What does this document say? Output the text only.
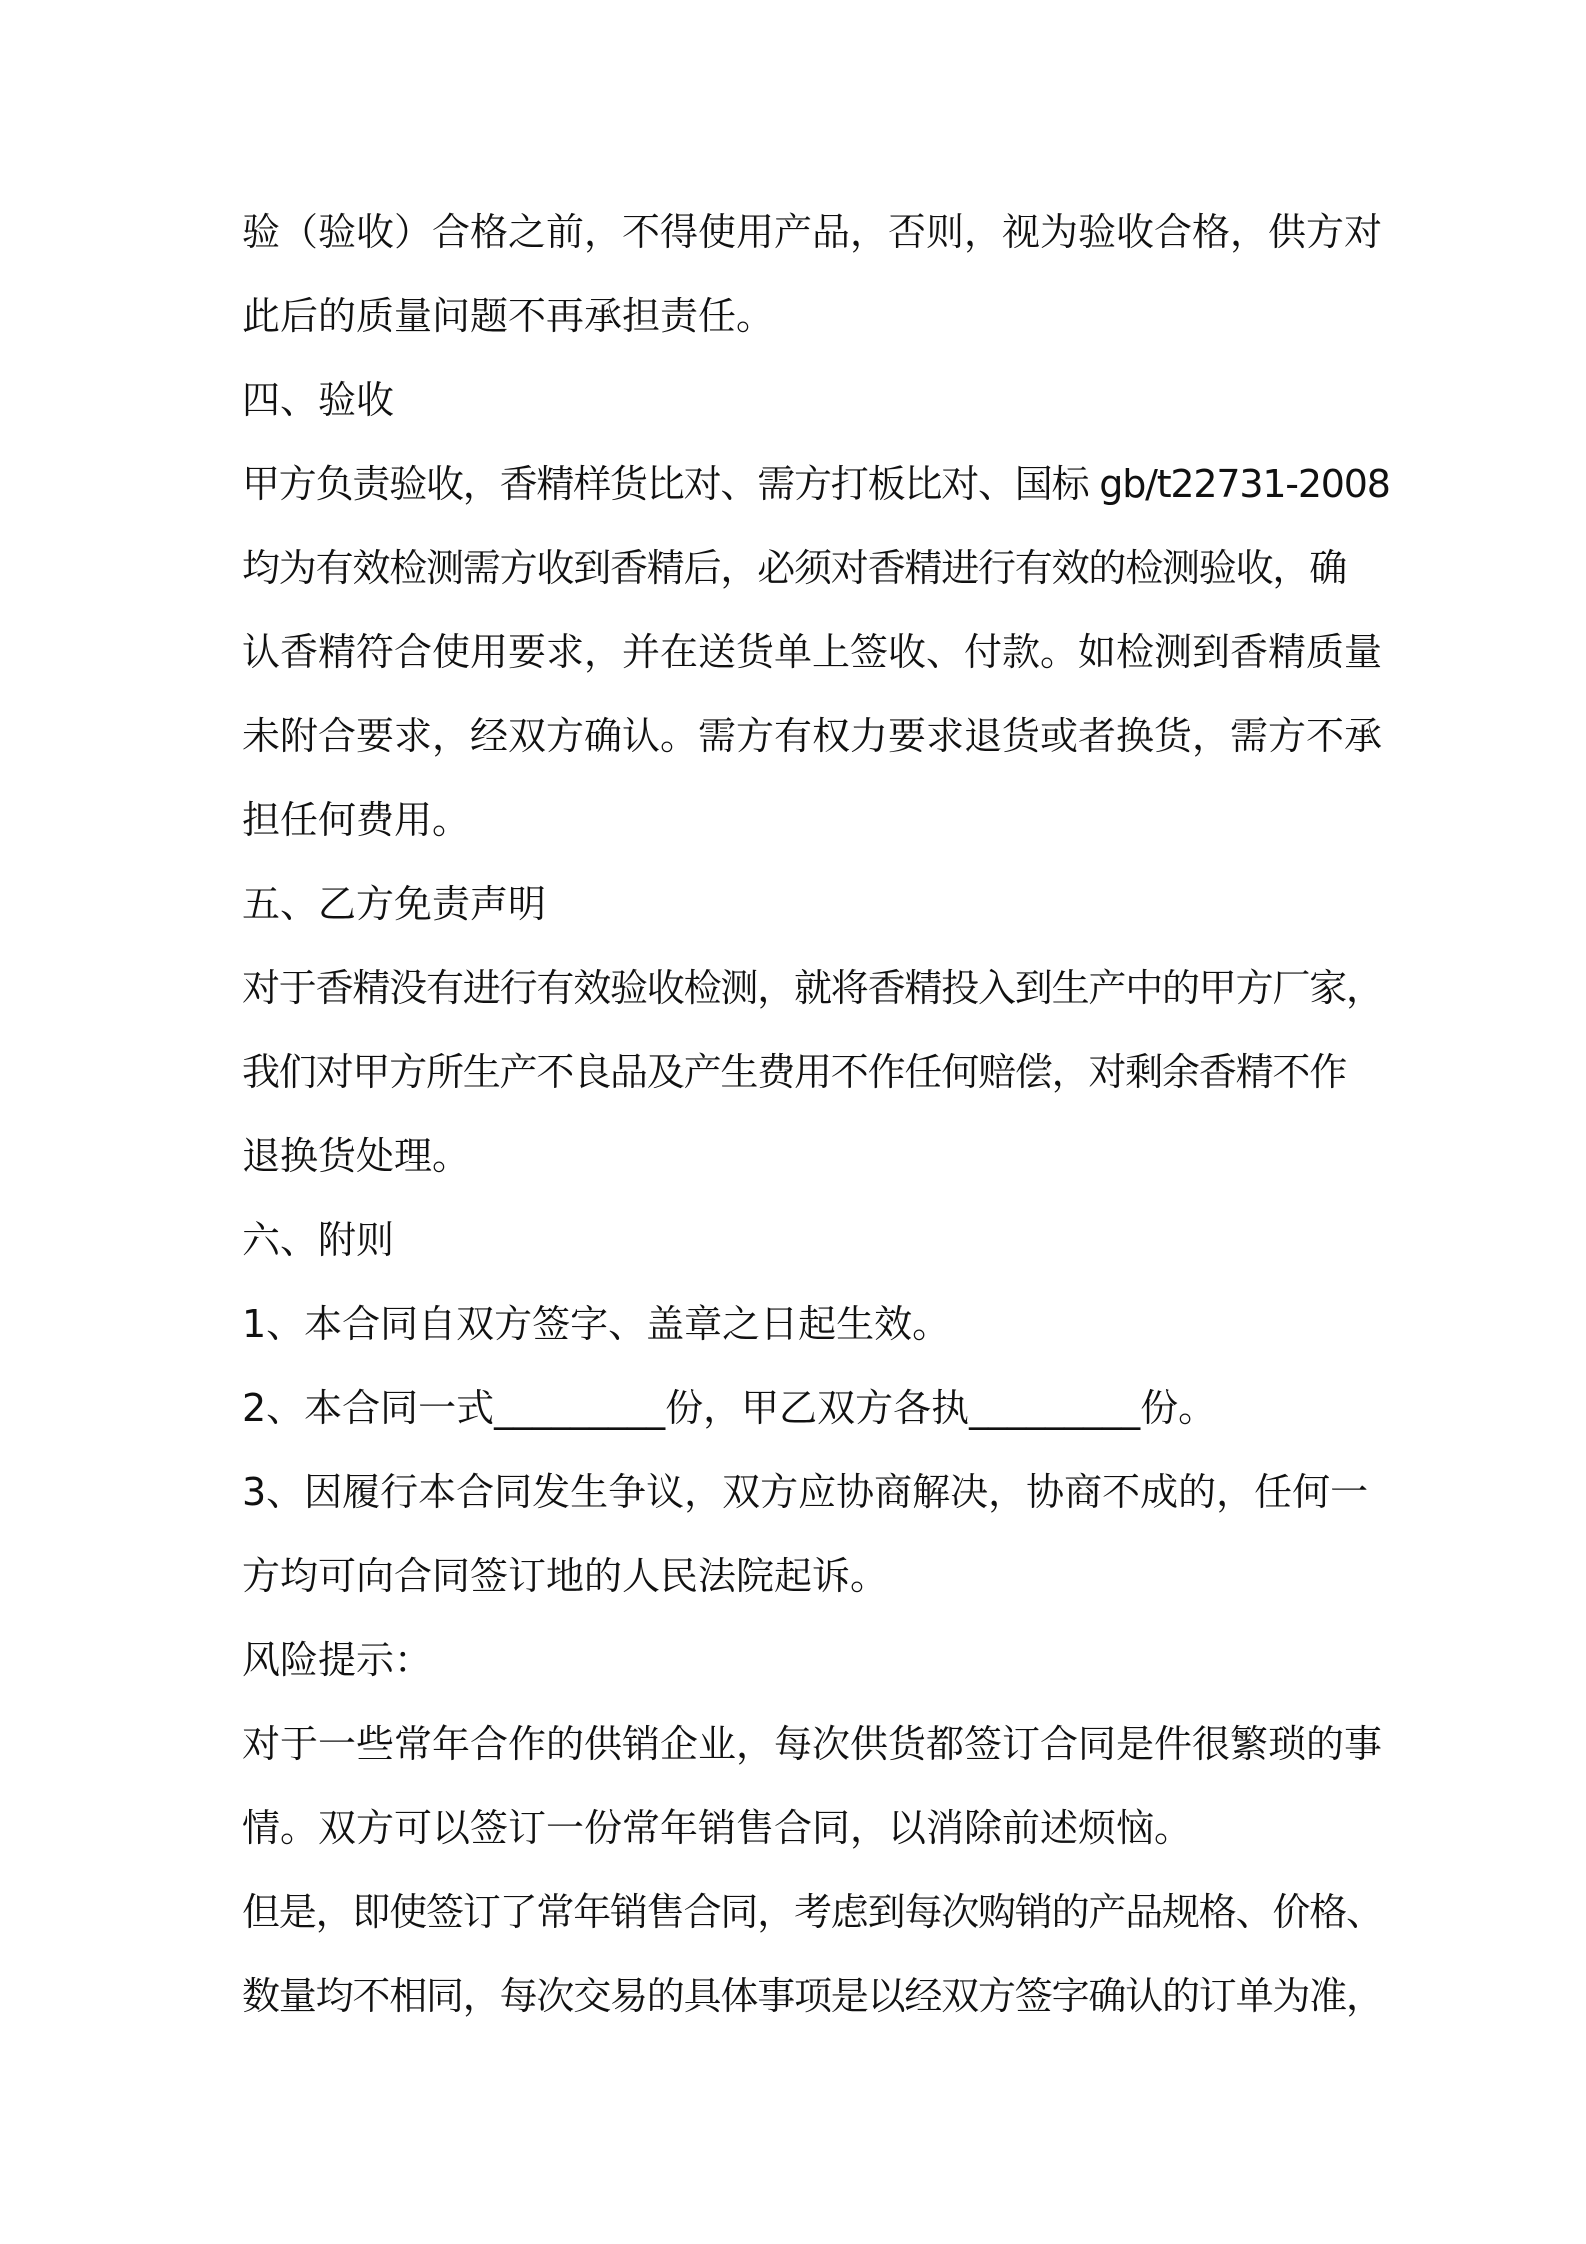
验（验收）合格之前，不得使用产品，否则，视为验收合格，供方对
此后的质量问题不再承担责任。
四、验收
甲方负责验收，香精样货比对、需方打板比对、国标 gb/t22731-2008
均为有效检测需方收到香精后，必须对香精进行有效的检测验收，确
认香精符合使用要求，并在送货单上签收、付款。如检测到香精质量
未附合要求，经双方确认。需方有权力要求退货或者换货，需方不承
担任何费用。
五、乙方免责声明
对于香精没有进行有效验收检测，就将香精投入到生产中的甲方厂家，
我们对甲方所生产不良品及产生费用不作任何赔偿，对剩余香精不作
退换货处理。
六、附则
1、本合同自双方签字、盖章之日起生效。
2、本合同一式_________份，甲乙双方各执_________份。
3、因履行本合同发生争议，双方应协商解决，协商不成的，任何一
方均可向合同签订地的人民法院起诉。
风险提示：
对于一些常年合作的供销企业，每次供货都签订合同是件很繁琐的事
情。双方可以签订一份常年销售合同，以消除前述烦恼。
但是，即使签订了常年销售合同，考虑到每次购销的产品规格、价格、
数量均不相同，每次交易的具体事项是以经双方签字确认的订单为准，
